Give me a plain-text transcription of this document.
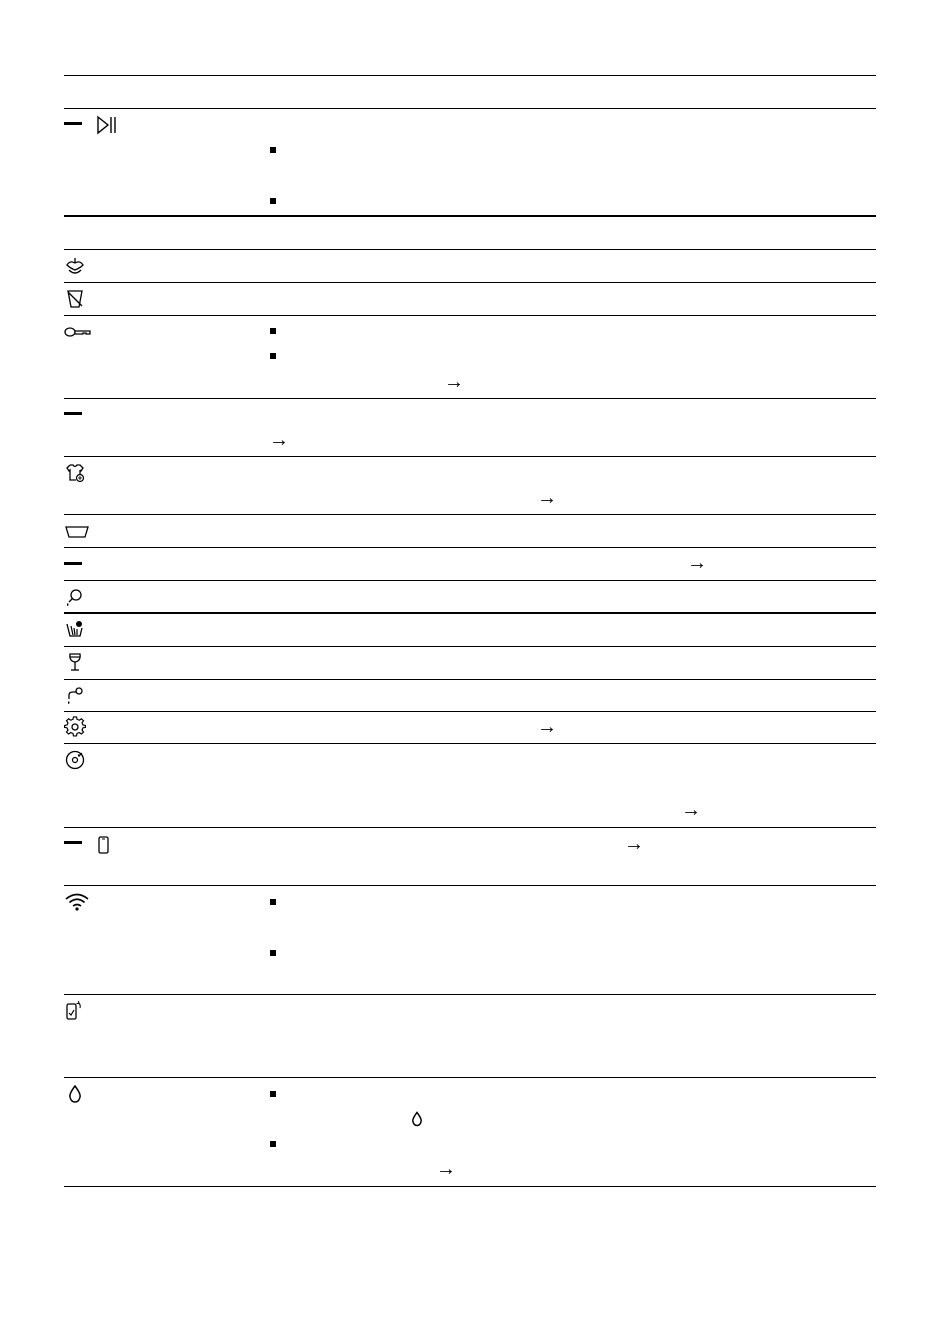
→
→
→
→
→
→
→
→
